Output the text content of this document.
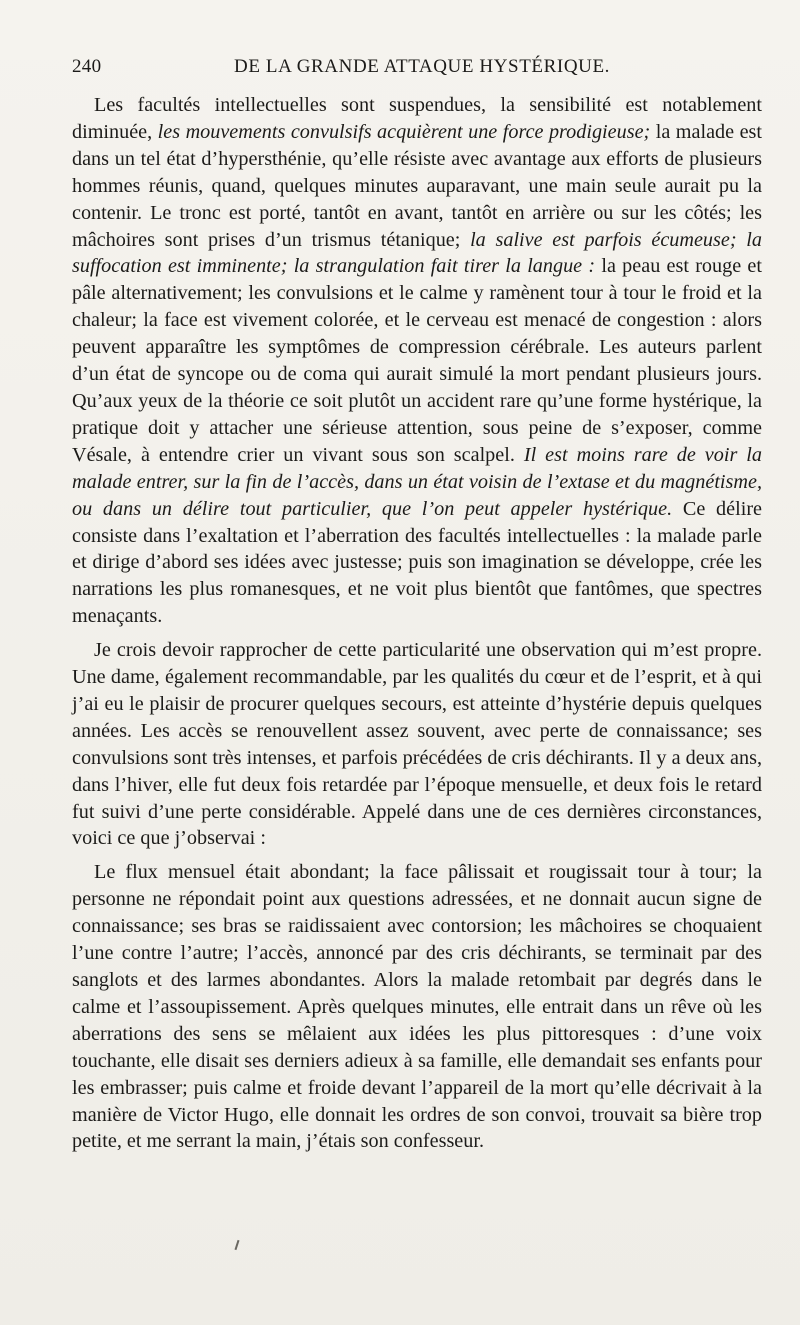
240	DE LA GRANDE ATTAQUE HYSTÉRIQUE.

Les facultés intellectuelles sont suspendues, la sensibilité est notablement diminuée, les mouvements convulsifs acquièrent une force prodigieuse; la malade est dans un tel état d’hypersthénie, qu’elle résiste avec avantage aux efforts de plusieurs hommes réunis, quand, quelques minutes auparavant, une main seule aurait pu la contenir. Le tronc est porté, tantôt en avant, tantôt en arrière ou sur les côtés; les mâchoires sont prises d’un trismus tétanique; la salive est parfois écumeuse; la suffocation est imminente; la strangulation fait tirer la langue : la peau est rouge et pâle alternativement; les convulsions et le calme y ramènent tour à tour le froid et la chaleur; la face est vivement colorée, et le cerveau est menacé de congestion : alors peuvent apparaître les symptômes de compression cérébrale. Les auteurs parlent d’un état de syncope ou de coma qui aurait simulé la mort pendant plusieurs jours. Qu’aux yeux de la théorie ce soit plutôt un accident rare qu’une forme hystérique, la pratique doit y attacher une sérieuse attention, sous peine de s’exposer, comme Vésale, à entendre crier un vivant sous son scalpel. Il est moins rare de voir la malade entrer, sur la fin de l’accès, dans un état voisin de l’extase et du magnétisme, ou dans un délire tout particulier, que l’on peut appeler hystérique. Ce délire consiste dans l’exaltation et l’aberration des facultés intellectuelles : la malade parle et dirige d’abord ses idées avec justesse; puis son imagination se développe, crée les narrations les plus romanesques, et ne voit plus bientôt que fantômes, que spectres menaçants.

Je crois devoir rapprocher de cette particularité une observation qui m’est propre. Une dame, également recommandable, par les qualités du cœur et de l’esprit, et à qui j’ai eu le plaisir de procurer quelques secours, est atteinte d’hystérie depuis quelques années. Les accès se renouvellent assez souvent, avec perte de connaissance; ses convulsions sont très intenses, et parfois précédées de cris déchirants. Il y a deux ans, dans l’hiver, elle fut deux fois retardée par l’époque mensuelle, et deux fois le retard fut suivi d’une perte considérable. Appelé dans une de ces dernières circonstances, voici ce que j’observai :

Le flux mensuel était abondant; la face pâlissait et rougissait tour à tour; la personne ne répondait point aux questions adressées, et ne donnait aucun signe de connaissance; ses bras se raidissaient avec contorsion; les mâchoires se choquaient l’une contre l’autre; l’accès, annoncé par des cris déchirants, se terminait par des sanglots et des larmes abondantes. Alors la malade retombait par degrés dans le calme et l’assoupissement. Après quelques minutes, elle entrait dans un rêve où les aberrations des sens se mêlaient aux idées les plus pittoresques : d’une voix touchante, elle disait ses derniers adieux à sa famille, elle demandait ses enfants pour les embrasser; puis calme et froide devant l’appareil de la mort qu’elle décrivait à la manière de Victor Hugo, elle donnait les ordres de son convoi, trouvait sa bière trop petite, et me serrant la main, j’étais son confesseur.
